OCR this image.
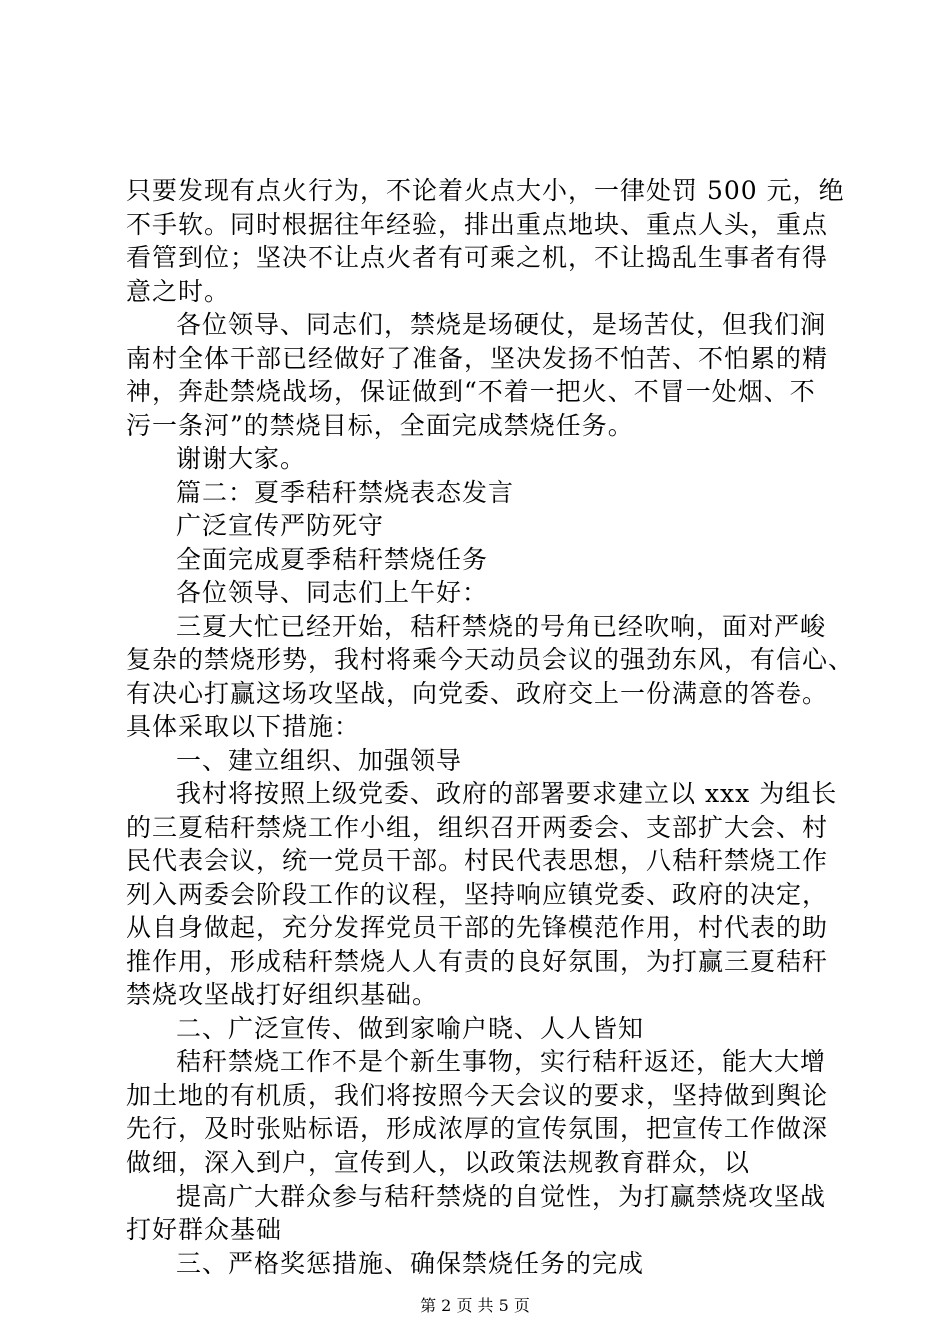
只要发现有点火行为，不论着火点大小，一律处罚 500 元，绝
不手软。同时根据往年经验，排出重点地块、重点人头，重点
看管到位；坚决不让点火者有可乘之机，不让捣乱生事者有得
意之时。
各位领导、同志们，禁烧是场硬仗，是场苦仗，但我们涧
南村全体干部已经做好了准备，坚决发扬不怕苦、不怕累的精
神，奔赴禁烧战场，保证做到“不着一把火、不冒一处烟、不
污一条河”的禁烧目标，全面完成禁烧任务。
谢谢大家。
篇二：夏季秸秆禁烧表态发言
广泛宣传严防死守
全面完成夏季秸秆禁烧任务
各位领导、同志们上午好：
三夏大忙已经开始，秸秆禁烧的号角已经吹响，面对严峻
复杂的禁烧形势，我村将乘今天动员会议的强劲东风，有信心、
有决心打赢这场攻坚战，向党委、政府交上一份满意的答卷。
具体采取以下措施：
一、建立组织、加强领导
我村将按照上级党委、政府的部署要求建立以 xxx 为组长
的三夏秸秆禁烧工作小组，组织召开两委会、支部扩大会、村
民代表会议，统一党员干部。村民代表思想，八秸秆禁烧工作
列入两委会阶段工作的议程，坚持响应镇党委、政府的决定，
从自身做起，充分发挥党员干部的先锋模范作用，村代表的助
推作用，形成秸秆禁烧人人有责的良好氛围，为打赢三夏秸秆
禁烧攻坚战打好组织基础。
二、广泛宣传、做到家喻户晓、人人皆知
秸秆禁烧工作不是个新生事物，实行秸秆返还，能大大增
加土地的有机质，我们将按照今天会议的要求，坚持做到舆论
先行，及时张贴标语，形成浓厚的宣传氛围，把宣传工作做深
做细，深入到户，宣传到人，以政策法规教育群众，以
提高广大群众参与秸秆禁烧的自觉性，为打赢禁烧攻坚战
打好群众基础
三、严格奖惩措施、确保禁烧任务的完成
第 2 页 共 5 页
